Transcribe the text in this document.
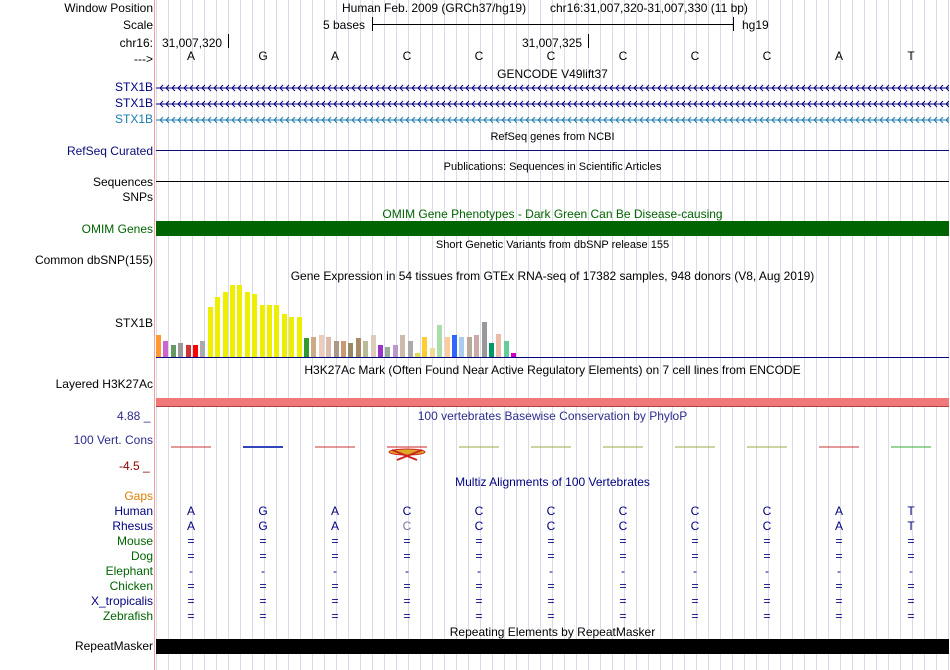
Window Position	Human Feb. 2009 (GRCh37/hg19) chr16:31,007,320-31,007,330 (11 bp)
Scale	5 bases	hg19
chr16: 31,007,320	31,007,325
--->	A	G	A	C	C	C	C	C	C	A	T
GENCODE V49lift37
STX1B
STX1B
STX1B
RefSeq genes from NCBI
RefSeq Curated
Publications: Sequences in Scientific Articles
Sequences
SNPs
OMIM Gene Phenotypes - Dark Green Can Be Disease-causing
OMIM Genes
Short Genetic Variants from dbSNP release 155
Common dbSNP(155)
Gene Expression in 54 tissues from GTEx RNA-seq of 17382 samples, 948 donors (V8, Aug 2019)
STX1B
H3K27Ac Mark (Often Found Near Active Regulatory Elements) on 7 cell lines from ENCODE
Layered H3K27Ac
4.88 _	100 vertebrates Basewise Conservation by PhyloP
100 Vert. Cons
-4.5 _
Multiz Alignments of 100 Vertebrates
Gaps
Human	A	G	A	C	C	C	C	C	C	A	T
Rhesus	A	G	A	C	C	C	C	C	C	A	T
Mouse	=	=	=	=	=	=	=	=	=	=	=
Dog	=	=	=	=	=	=	=	=	=	=	=
Elephant	-	-	-	-	-	-	-	-	-	-	-
Chicken	=	=	=	=	=	=	=	=	=	=	=
X_tropicalis	=	=	=	=	=	=	=	=	=	=	=
Zebrafish	=	=	=	=	=	=	=	=	=	=	=
Repeating Elements by RepeatMasker
RepeatMasker
